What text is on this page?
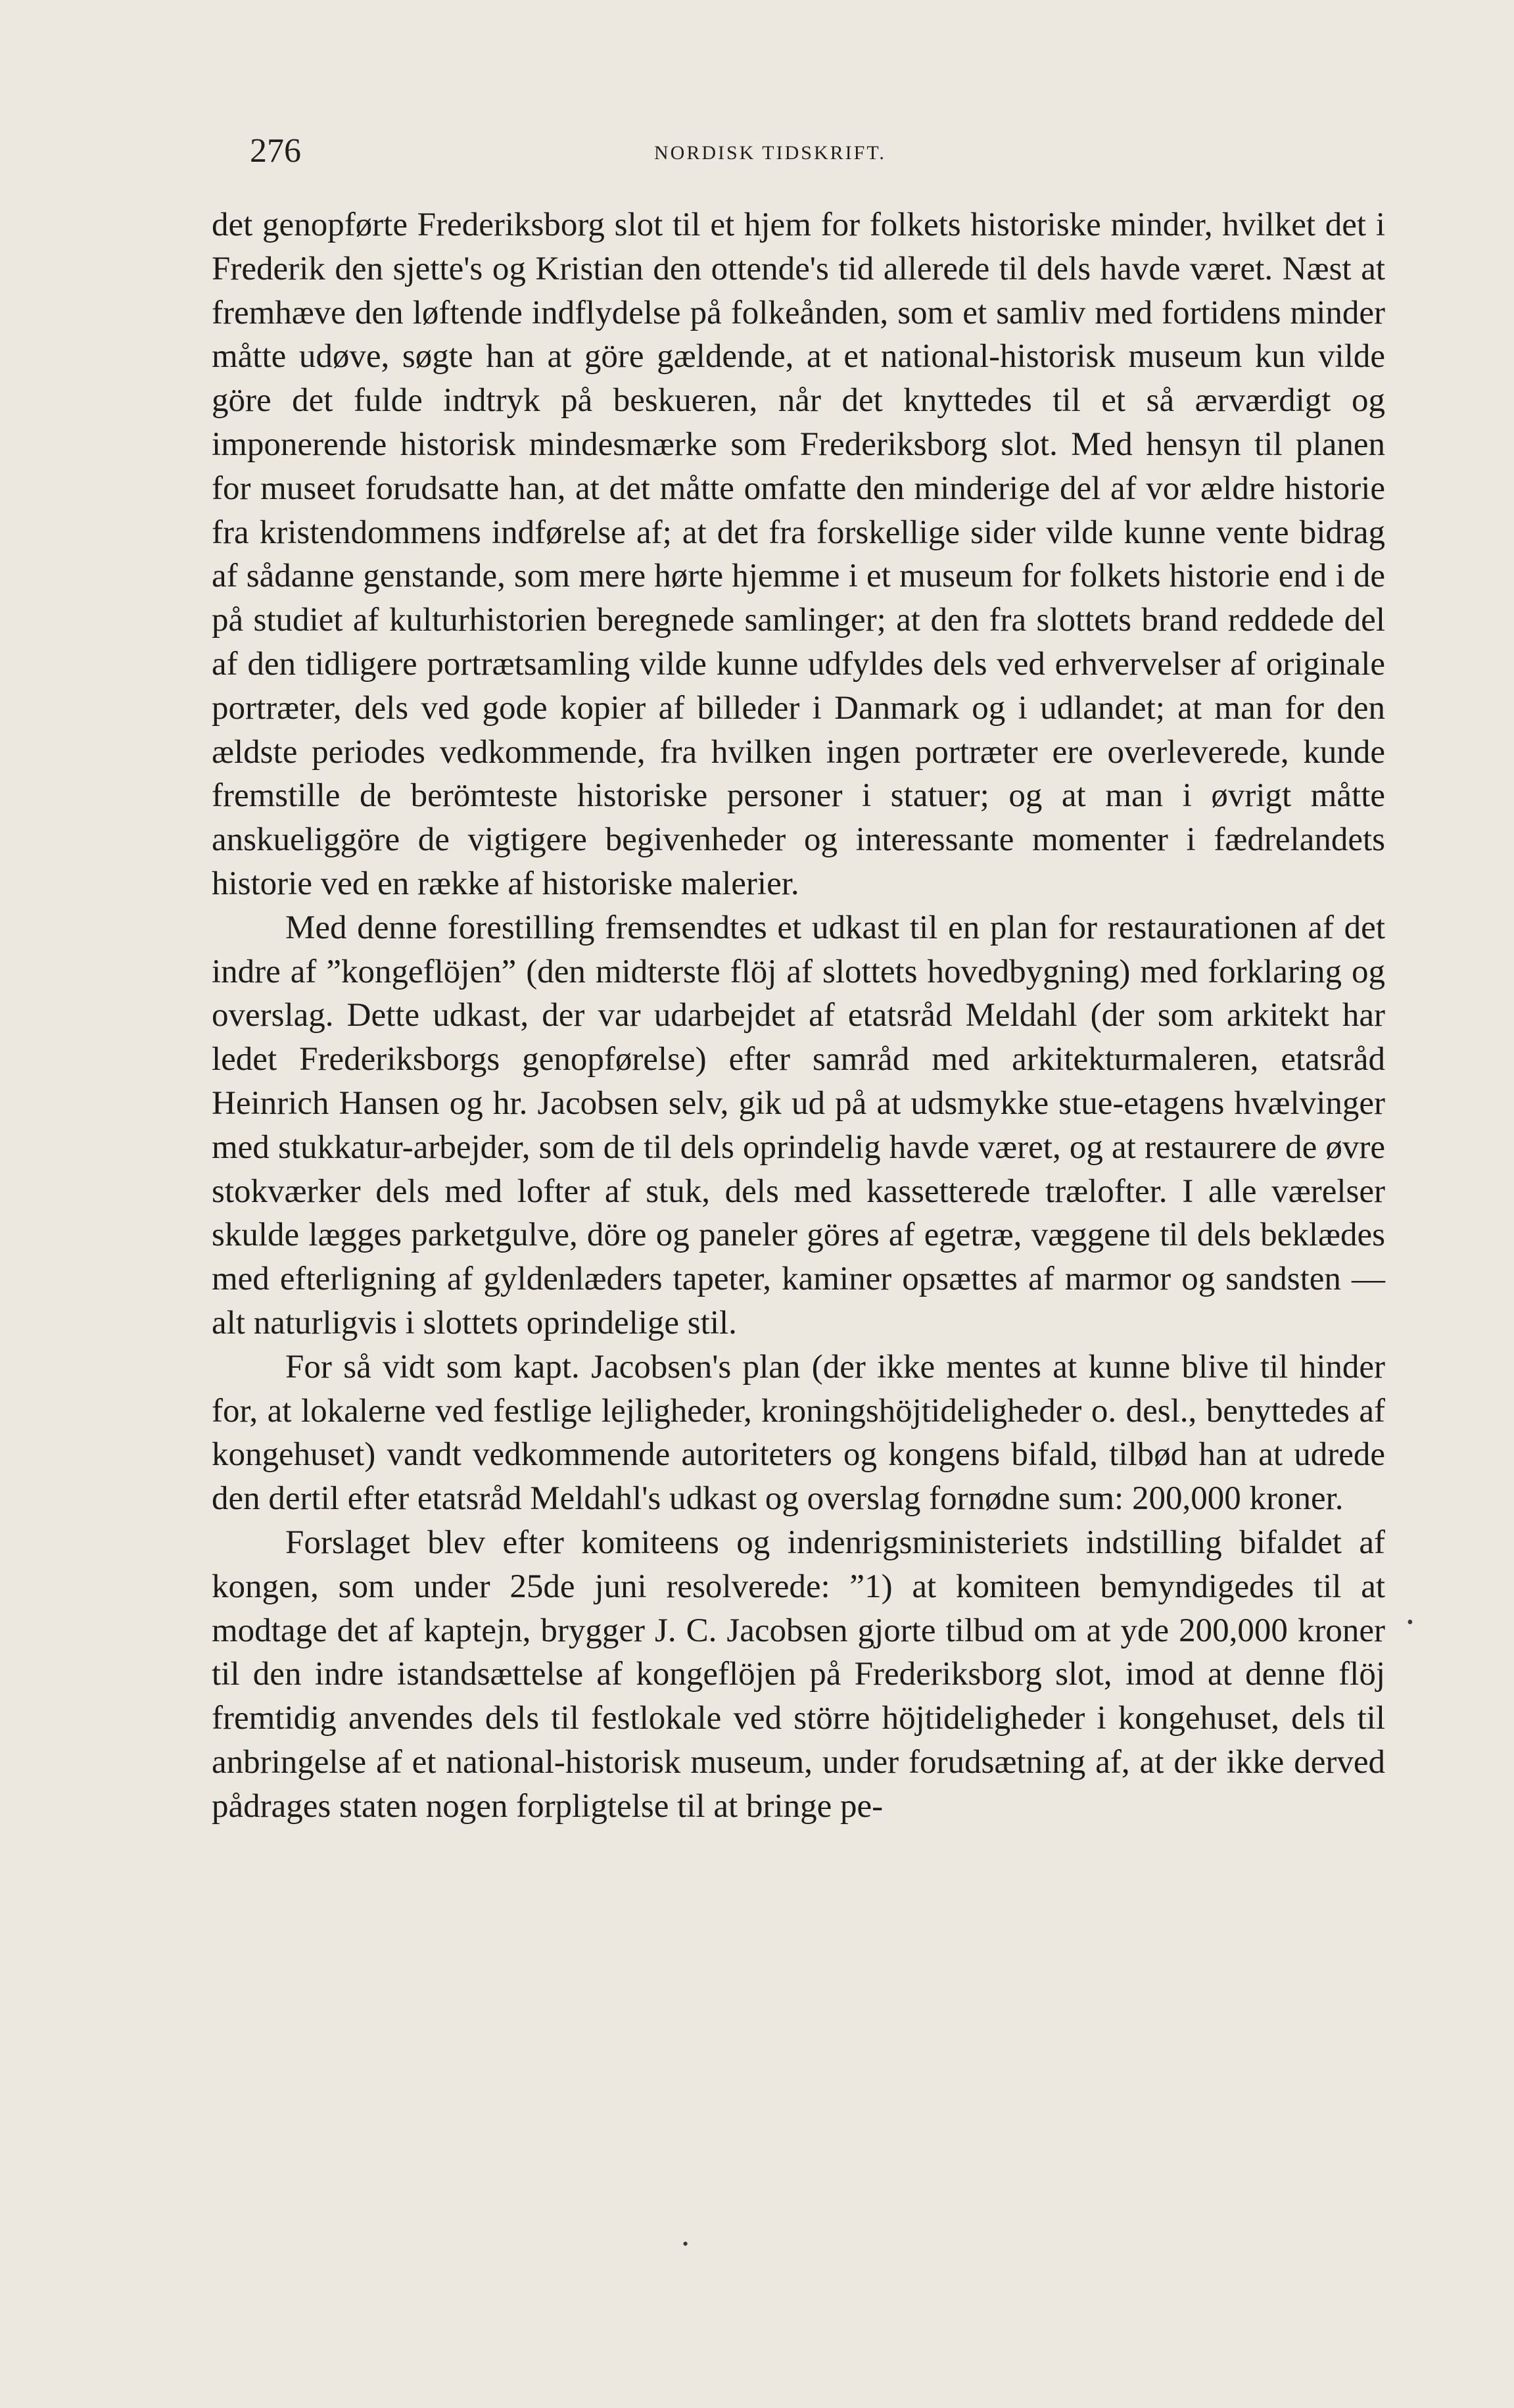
276	NORDISK TIDSKRIFT.

det genopførte Frederiksborg slot til et hjem for folkets historiske minder, hvilket det i Frederik den sjette's og Kristian den ottende's tid allerede til dels havde været. Næst at fremhæve den løftende indflydelse på folkeånden, som et samliv med fortidens minder måtte udøve, søgte han at göre gældende, at et national-historisk museum kun vilde göre det fulde indtryk på beskueren, når det knyttedes til et så ærværdigt og imponerende historisk mindesmærke som Frederiksborg slot. Med hensyn til planen for museet forudsatte han, at det måtte omfatte den minderige del af vor ældre historie fra kristendommens indførelse af; at det fra forskellige sider vilde kunne vente bidrag af sådanne genstande, som mere hørte hjemme i et museum for folkets historie end i de på studiet af kulturhistorien beregnede samlinger; at den fra slottets brand reddede del af den tidligere portrætsamling vilde kunne udfyldes dels ved erhvervelser af originale portræter, dels ved gode kopier af billeder i Danmark og i udlandet; at man for den ældste periodes vedkommende, fra hvilken ingen portræter ere overleverede, kunde fremstille de berömteste historiske personer i statuer; og at man i øvrigt måtte anskueliggöre de vigtigere begivenheder og interessante momenter i fædrelandets historie ved en række af historiske malerier.

Med denne forestilling fremsendtes et udkast til en plan for restaurationen af det indre af ”kongeflöjen” (den midterste flöj af slottets hovedbygning) med forklaring og overslag. Dette udkast, der var udarbejdet af etatsråd Meldahl (der som arkitekt har ledet Frederiksborgs genopførelse) efter samråd med arkitekturmaleren, etatsråd Heinrich Hansen og hr. Jacobsen selv, gik ud på at udsmykke stue-etagens hvælvinger med stukkatur-arbejder, som de til dels oprindelig havde været, og at restaurere de øvre stokværker dels med lofter af stuk, dels med kassetterede trælofter. I alle værelser skulde lægges parketgulve, döre og paneler göres af egetræ, væggene til dels beklædes med efterligning af gyldenlæders tapeter, kaminer opsættes af marmor og sandsten — alt naturligvis i slottets oprindelige stil.

For så vidt som kapt. Jacobsen's plan (der ikke mentes at kunne blive til hinder for, at lokalerne ved festlige lejligheder, kroningshöjtideligheder o. desl., benyttedes af kongehuset) vandt vedkommende autoriteters og kongens bifald, tilbød han at udrede den dertil efter etatsråd Meldahl's udkast og overslag fornødne sum: 200,000 kroner.

Forslaget blev efter komiteens og indenrigsministeriets indstilling bifaldet af kongen, som under 25de juni resolverede: ”1) at komiteen bemyndigedes til at modtage det af kaptejn, brygger J. C. Jacobsen gjorte tilbud om at yde 200,000 kroner til den indre istandsættelse af kongeflöjen på Frederiksborg slot, imod at denne flöj fremtidig anvendes dels til festlokale ved större höjtideligheder i kongehuset, dels til anbringelse af et national-historisk museum, under forudsætning af, at der ikke derved pådrages staten nogen forpligtelse til at bringe pe-

•
•
